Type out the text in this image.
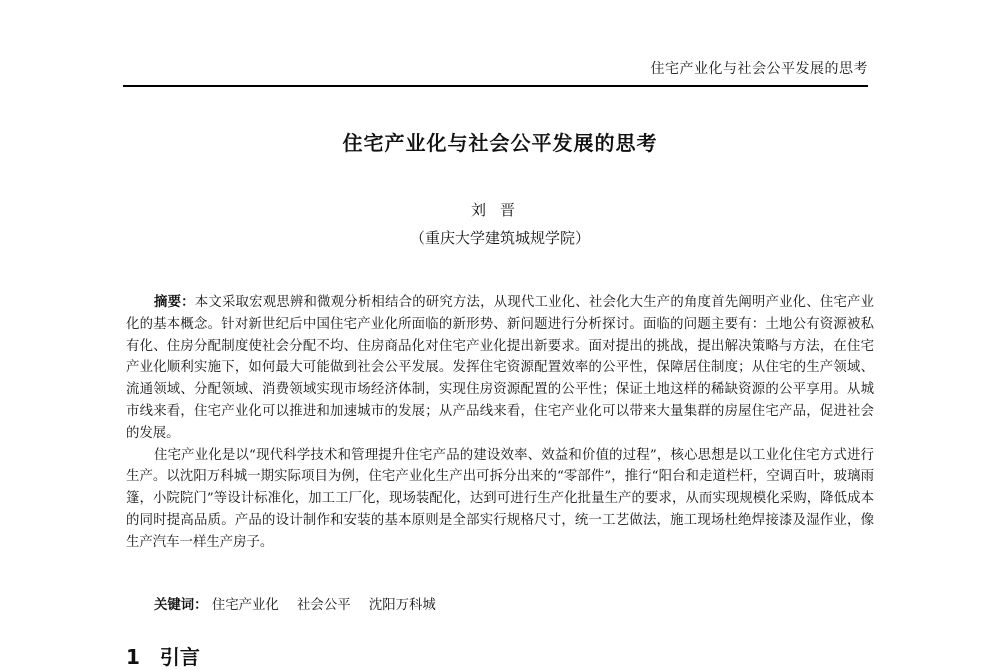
住宅产业化与社会公平发展的思考
住宅产业化与社会公平发展的思考
刘晋
（重庆大学建筑城规学院）

摘要：本文采取宏观思辨和微观分析相结合的研究方法，从现代工业化、社会化大生产的角度首先阐明产业化、住宅产业化的基本概念。针对新世纪后中国住宅产业化所面临的新形势、新问题进行分析探讨。面临的问题主要有：土地公有资源被私有化、住房分配制度使社会分配不均、住房商品化对住宅产业化提出新要求。面对提出的挑战，提出解决策略与方法，在住宅产业化顺利实施下，如何最大可能做到社会公平发展。发挥住宅资源配置效率的公平性，保障居住制度；从住宅的生产领域、流通领域、分配领域、消费领域实现市场经济体制，实现住房资源配置的公平性；保证土地这样的稀缺资源的公平享用。从城市线来看，住宅产业化可以推进和加速城市的发展；从产品线来看，住宅产业化可以带来大量集群的房屋住宅产品，促进社会的发展。

住宅产业化是以“现代科学技术和管理提升住宅产品的建设效率、效益和价值的过程”，核心思想是以工业化住宅方式进行生产。以沈阳万科城一期实际项目为例，住宅产业化生产出可拆分出来的“零部件”，推行“阳台和走道栏杆，空调百叶，玻璃雨篷，小院院门”等设计标准化，加工工厂化，现场装配化，达到可进行生产化批量生产的要求，从而实现规模化采购，降低成本的同时提高品质。产品的设计制作和安装的基本原则是全部实行规格尺寸，统一工艺做法，施工现场杜绝焊接漆及湿作业，像生产汽车一样生产房子。

关键词： 住宅产业化 社会公平 沈阳万科城
1 引言
